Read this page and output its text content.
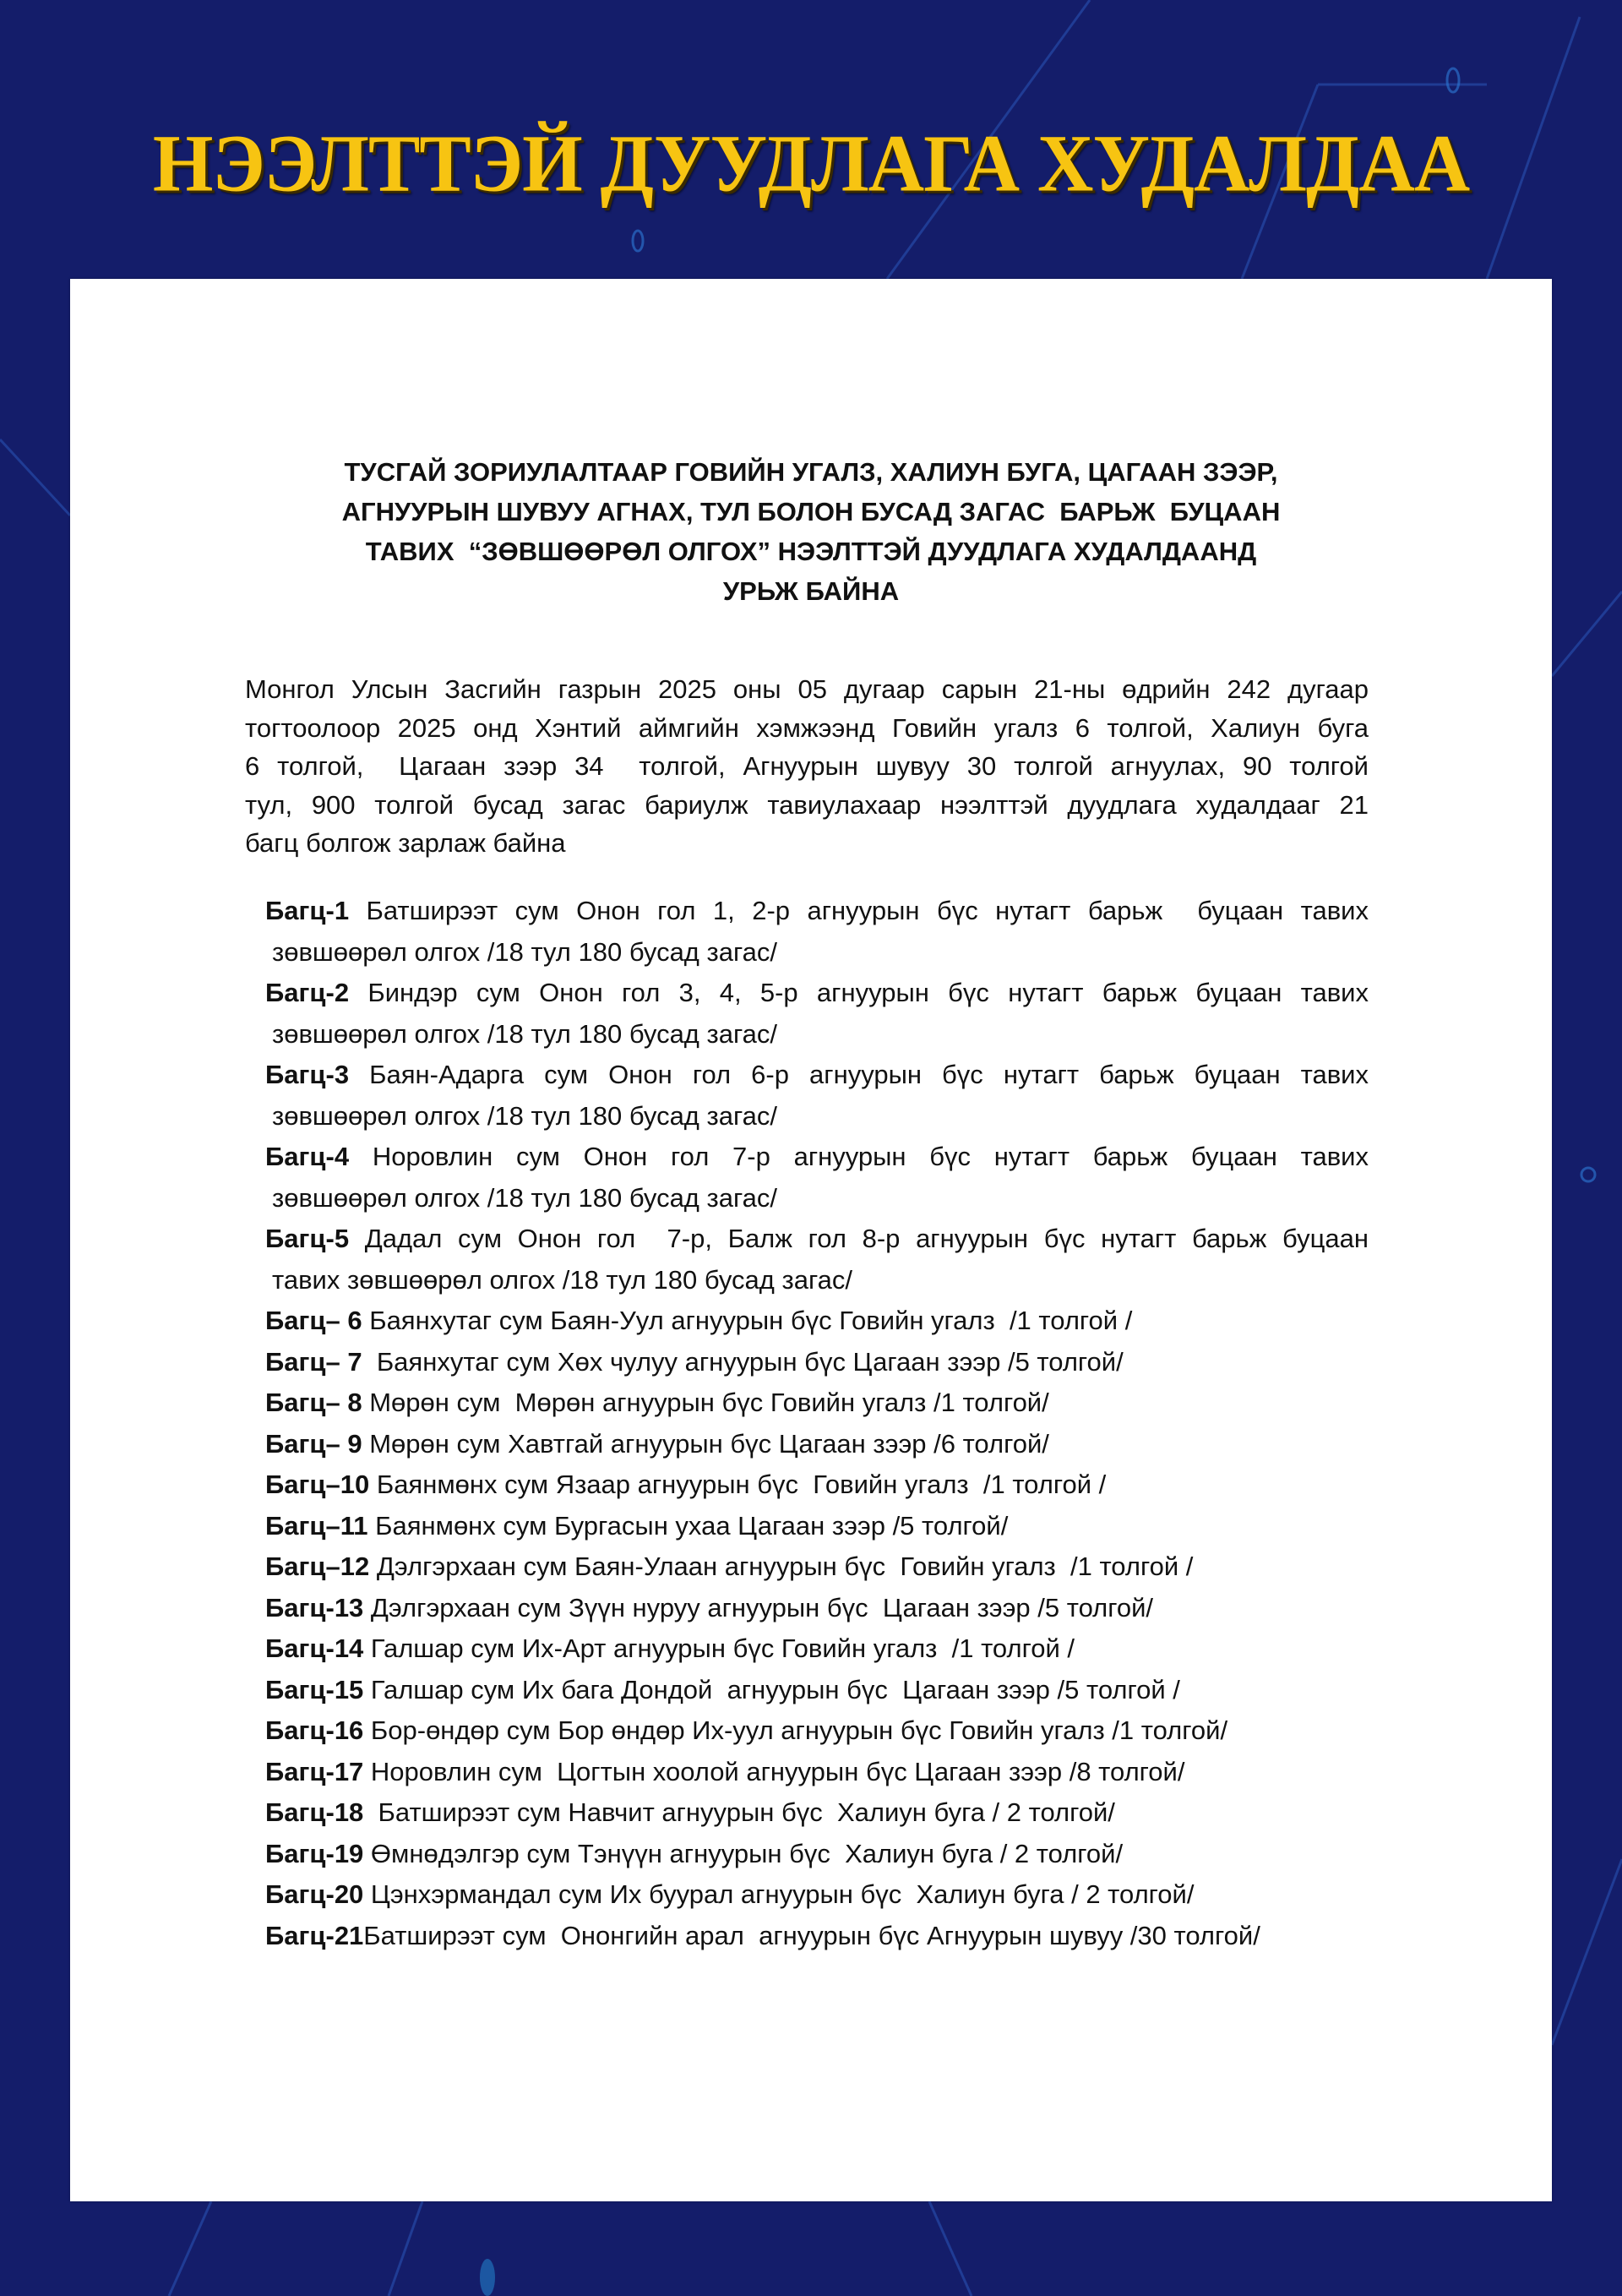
НЭЭЛТТЭЙ ДУУДЛАГА ХУДАЛДАА
ТУСГАЙ ЗОРИУЛАЛТААР ГОВИЙН УГАЛЗ, ХАЛИУН БУГА, ЦАГААН ЗЭЭР,
АГНУУРЫН ШУВУУ АГНАХ, ТУЛ БОЛОН БУСАД ЗАГАС  БАРЬЖ  БУЦААН
ТАВИХ  “ЗӨВШӨӨРӨЛ ОЛГОХ” НЭЭЛТТЭЙ ДУУДЛАГА ХУДАЛДААНД
УРЬЖ БАЙНА
Монгол Улсын Засгийн газрын 2025 оны 05 дугаар сарын 21-ны өдрийн 242 дугаар
тогтоолоор 2025 онд Хэнтий аймгийн хэмжээнд Говийн угалз 6 толгой, Халиун буга
6 толгой,  Цагаан зээр 34  толгой, Агнуурын шувуу 30 толгой агнуулах, 90 толгой
тул, 900 толгой бусад загас бариулж тавиулахаар нээлттэй дуудлага худалдааг 21
багц болгож зарлаж байна
Багц-1 Батширээт сум Онон гол 1, 2-р агнуурын бүс нутагт барьж  буцаан тавих
зөвшөөрөл олгох /18 тул 180 бусад загас/
Багц-2 Биндэр сум Онон гол 3, 4, 5-р агнуурын бүс нутагт барьж буцаан тавих
зөвшөөрөл олгох /18 тул 180 бусад загас/
Багц-3 Баян-Адарга сум Онон гол 6-р агнуурын бүс нутагт барьж буцаан тавих
зөвшөөрөл олгох /18 тул 180 бусад загас/
Багц-4 Норовлин сум Онон гол 7-р агнуурын бүс нутагт барьж буцаан тавих
зөвшөөрөл олгох /18 тул 180 бусад загас/
Багц-5 Дадал сум Онон гол  7-р, Балж гол 8-р агнуурын бүс нутагт барьж буцаан
тавих зөвшөөрөл олгох /18 тул 180 бусад загас/
Багц– 6 Баянхутаг сум Баян-Уул агнуурын бүс Говийн угалз  /1 толгой /
Багц– 7  Баянхутаг сум Хөх чулуу агнуурын бүс Цагаан зээр /5 толгой/
Багц– 8 Мөрөн сум  Мөрөн агнуурын бүс Говийн угалз /1 толгой/
Багц– 9 Мөрөн сум Хавтгай агнуурын бүс Цагаан зээр /6 толгой/
Багц–10 Баянмөнх сум Язаар агнуурын бүс  Говийн угалз  /1 толгой /
Багц–11 Баянмөнх сум Бургасын ухаа Цагаан зээр /5 толгой/
Багц–12 Дэлгэрхаан сум Баян-Улаан агнуурын бүс  Говийн угалз  /1 толгой /
Багц-13 Дэлгэрхаан сум Зүүн нуруу агнуурын бүс  Цагаан зээр /5 толгой/
Багц-14 Галшар сум Их-Арт агнуурын бүс Говийн угалз  /1 толгой /
Багц-15 Галшар сум Их бага Дондой  агнуурын бүс  Цагаан зээр /5 толгой /
Багц-16 Бор-өндөр сум Бор өндөр Их-уул агнуурын бүс Говийн угалз /1 толгой/
Багц-17 Норовлин сум  Цогтын хоолой агнуурын бүс Цагаан зээр /8 толгой/
Багц-18  Батширээт сум Навчит агнуурын бүс  Халиун буга / 2 толгой/
Багц-19 Өмнөдэлгэр сум Тэнүүн агнуурын бүс  Халиун буга / 2 толгой/
Багц-20 Цэнхэрмандал сум Их буурал агнуурын бүс  Халиун буга / 2 толгой/
Багц-21Батширээт сум  Ононгийн арал  агнуурын бүс Агнуурын шувуу /30 толгой/
